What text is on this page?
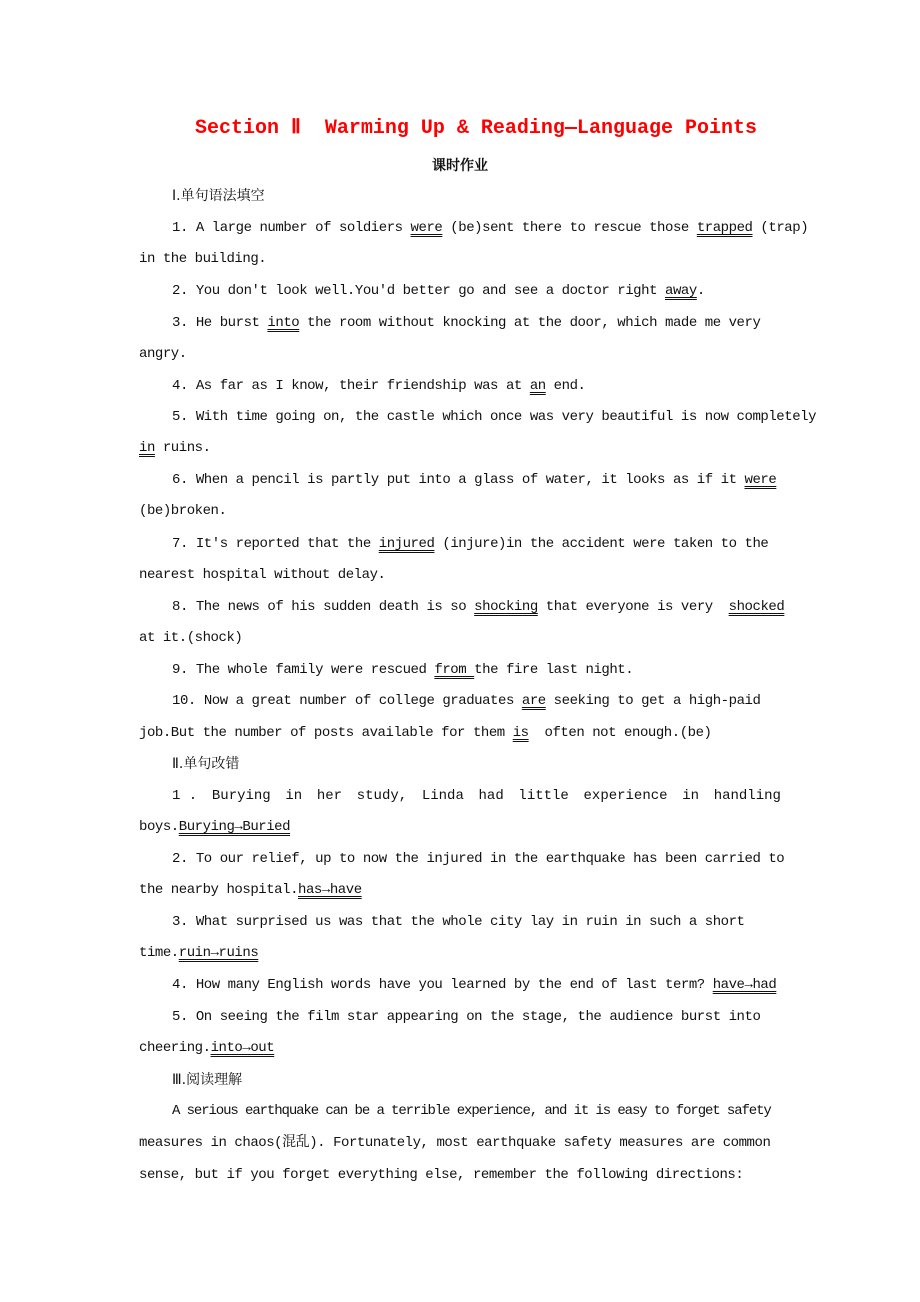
Section Ⅱ  Warming Up & Reading—Language Points
课时作业
Ⅰ.单句语法填空
1. A large number of soldiers were (be)sent there to rescue those trapped (trap)
in the building.
2. You don't look well.You'd better go and see a doctor right away.
3. He burst into the room without knocking at the door, which made me very
angry.
4. As far as I know, their friendship was at an end.
5. With time going on, the castle which once was very beautiful is now completely
in ruins.
6. When a pencil is partly put into a glass of water, it looks as if it were
(be)broken.
7. It's reported that the injured (injure)in the accident were taken to the
nearest hospital without delay.
8. The news of his sudden death is so shocking that everyone is very  shocked
at it.(shock)
9. The whole family were rescued from the fire last night.
10. Now a great number of college graduates are seeking to get a high-paid
job.But the number of posts available for them is  often not enough.(be)
Ⅱ.单句改错
1 . Burying in her study, Linda had little experience in handling
boys.Burying→Buried
2. To our relief, up to now the injured in the earthquake has been carried to
the nearby hospital.has→have
3. What surprised us was that the whole city lay in ruin in such a short
time.ruin→ruins
4. How many English words have you learned by the end of last term? have→had
5. On seeing the film star appearing on the stage, the audience burst into
cheering.into→out
Ⅲ.阅读理解
A serious earthquake can be a terrible experience, and it is easy to forget safety
measures in chaos(混乱). Fortunately, most earthquake safety measures are common
sense, but if you forget everything else, remember the following directions:
